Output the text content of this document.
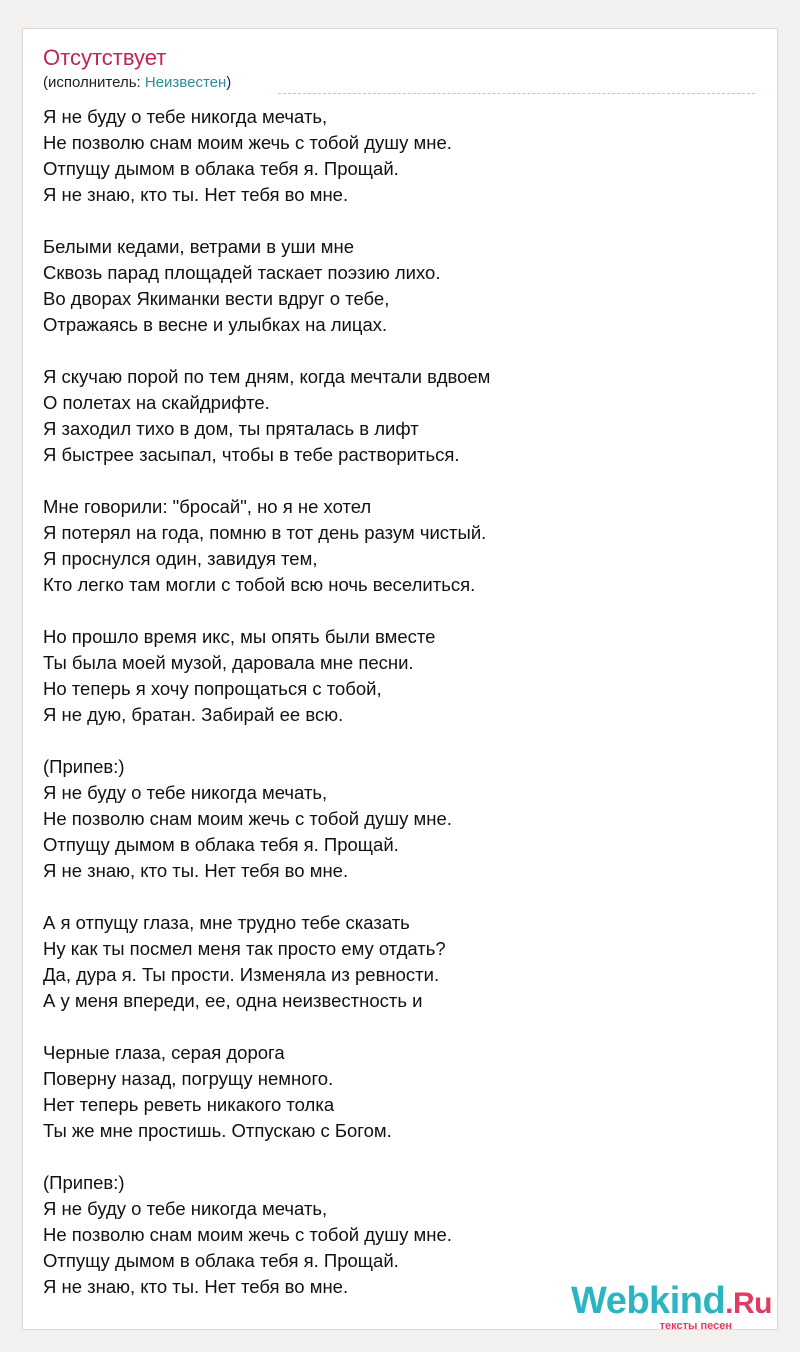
Отсутствует
(исполнитель: Неизвестен)
Я не буду о тебе никогда мечать,
Не позволю снам моим жечь с тобой душу мне.
Отпущу дымом в облака тебя я. Прощай.
Я не знаю, кто ты. Нет тебя во мне.
Белыми кедами, ветрами в уши мне
Сквозь парад площадей таскает поэзию лихо.
Во дворах Якиманки вести вдруг о тебе,
Отражаясь в весне и улыбках на лицах.
Я скучаю порой по тем дням, когда мечтали вдвоем
О полетах на скайдрифте.
Я заходил тихо в дом, ты пряталась в лифт
Я быстрее засыпал, чтобы в тебе раствориться.
Мне говорили: "бросай", но я не хотел
Я потерял на года, помню в тот день разум чистый.
Я проснулся один, завидуя тем,
Кто легко там могли с тобой всю ночь веселиться.
Но прошло время икс, мы опять были вместе
Ты была моей музой, даровала мне песни.
Но теперь я хочу попрощаться с тобой,
Я не дую, братан. Забирай ее всю.
(Припев:)
Я не буду о тебе никогда мечать,
Не позволю снам моим жечь с тобой душу мне.
Отпущу дымом в облака тебя я. Прощай.
Я не знаю, кто ты. Нет тебя во мне.
А я отпущу глаза, мне трудно тебе сказать
Ну как ты посмел меня так просто ему отдать?
Да, дура я. Ты прости. Изменяла из ревности.
А у меня впереди, ее, одна неизвестность и
Черные глаза, серая дорога
Поверну назад, погрущу немного.
Нет теперь реветь никакого толка
Ты же мне простишь. Отпускаю с Богом.
(Припев:)
Я не буду о тебе никогда мечать,
Не позволю снам моим жечь с тобой душу мне.
Отпущу дымом в облака тебя я. Прощай.
Я не знаю, кто ты. Нет тебя во мне.	Webkind.Ru
тексты песен
